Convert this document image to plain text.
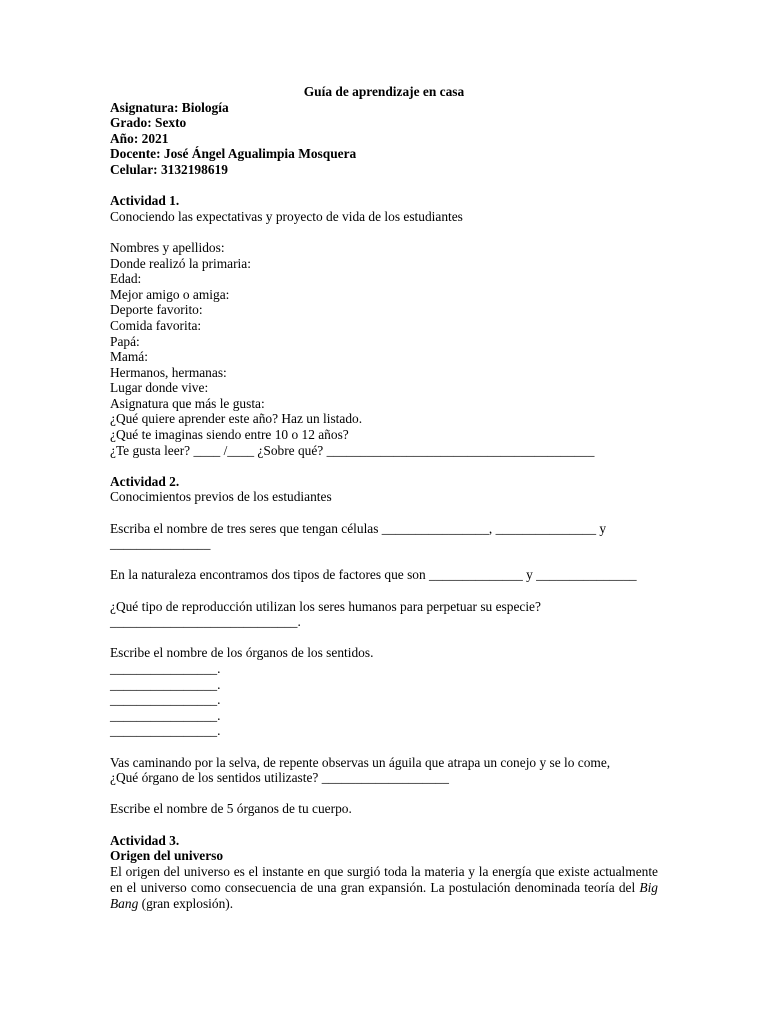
Guía de aprendizaje en casa
Asignatura: Biología
Grado: Sexto
Año: 2021
Docente: José Ángel Agualimpia Mosquera
Celular: 3132198619
Actividad 1.
Conociendo las expectativas y proyecto de vida de los estudiantes
Nombres y apellidos:
Donde realizó la primaria:
Edad:
Mejor amigo o amiga:
Deporte favorito:
Comida favorita:
Papá:
Mamá:
Hermanos, hermanas:
Lugar donde vive:
Asignatura que más le gusta:
¿Qué quiere aprender este año? Haz un listado.
¿Qué te imaginas siendo entre 10 o 12 años?
¿Te gusta leer? ____ /____ ¿Sobre qué? ________________________________________
Actividad 2.
Conocimientos previos de los estudiantes
Escriba el nombre de tres seres que tengan células ________________, _______________ y
_______________
En la naturaleza encontramos dos tipos de factores que son ______________ y _______________
¿Qué tipo de reproducción utilizan los seres humanos para perpetuar su especie?
____________________________.
Escribe el nombre de los órganos de los sentidos.
________________.
________________.
________________.
________________.
________________.
Vas caminando por la selva, de repente observas un águila que atrapa un conejo y se lo come,
¿Qué órgano de los sentidos utilizaste? ___________________
Escribe el nombre de 5 órganos de tu cuerpo.
Actividad 3.
Origen del universo
El origen del universo es el instante en que surgió toda la materia y la energía que existe actualmente en el universo como consecuencia de una gran expansión. La postulación denominada teoría del Big Bang (gran explosión).
